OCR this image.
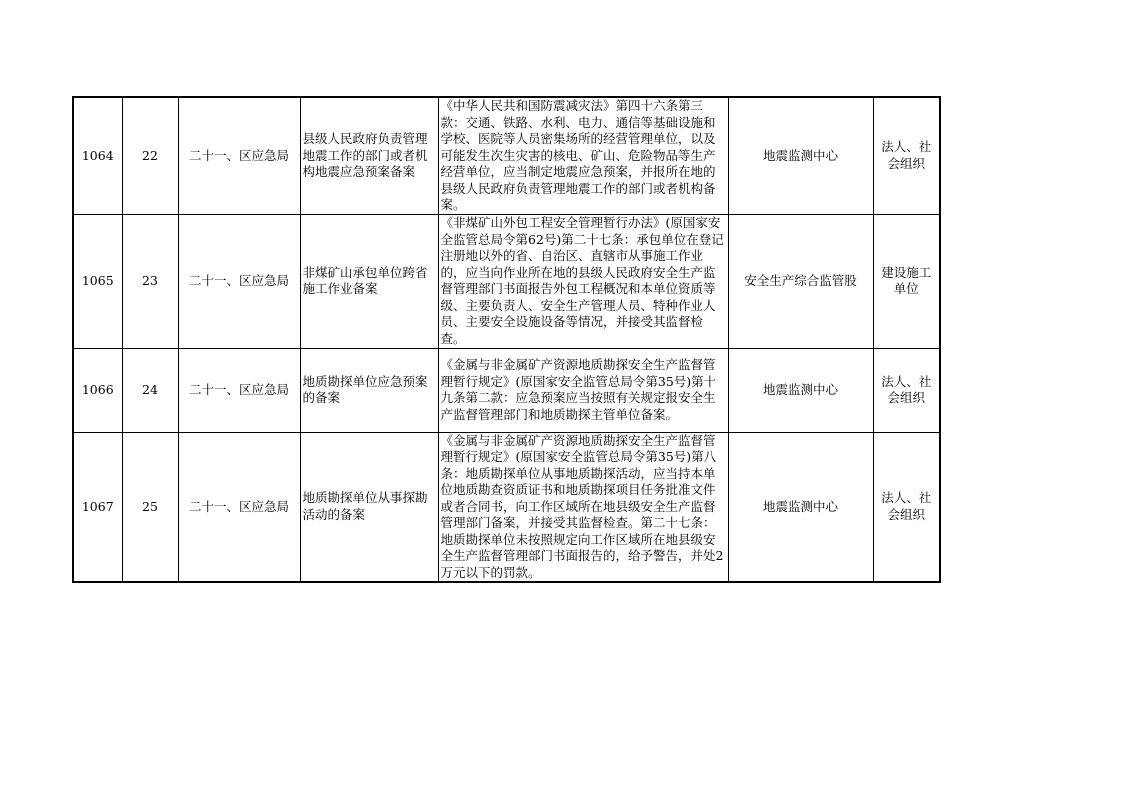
1064	22	二十一、区应急局	县级人民政府负责管理地震工作的部门或者机构地震应急预案备案	《中华人民共和国防震减灾法》第四十六条第三款：交通、铁路、水利、电力、通信等基础设施和学校、医院等人员密集场所的经营管理单位，以及可能发生次生灾害的核电、矿山、危险物品等生产经营单位，应当制定地震应急预案，并报所在地的县级人民政府负责管理地震工作的部门或者机构备案。	地震监测中心	法人、社会组织
1065	23	二十一、区应急局	非煤矿山承包单位跨省施工作业备案	《非煤矿山外包工程安全管理暂行办法》(原国家安全监管总局令第62号)第二十七条：承包单位在登记注册地以外的省、自治区、直辖市从事施工作业的，应当向作业所在地的县级人民政府安全生产监督管理部门书面报告外包工程概况和本单位资质等级、主要负责人、安全生产管理人员、特种作业人员、主要安全设施设备等情况，并接受其监督检查。	安全生产综合监管股	建设施工单位
1066	24	二十一、区应急局	地质勘探单位应急预案的备案	《金属与非金属矿产资源地质勘探安全生产监督管理暂行规定》(原国家安全监管总局令第35号)第十九条第二款：应急预案应当按照有关规定报安全生产监督管理部门和地质勘探主管单位备案。	地震监测中心	法人、社会组织
1067	25	二十一、区应急局	地质勘探单位从事探勘活动的备案	《金属与非金属矿产资源地质勘探安全生产监督管理暂行规定》(原国家安全监管总局令第35号)第八条：地质勘探单位从事地质勘探活动，应当持本单位地质勘查资质证书和地质勘探项目任务批准文件或者合同书，向工作区域所在地县级安全生产监督管理部门备案，并接受其监督检查。第二十七条：地质勘探单位未按照规定向工作区域所在地县级安全生产监督管理部门书面报告的，给予警告，并处2万元以下的罚款。	地震监测中心	法人、社会组织
